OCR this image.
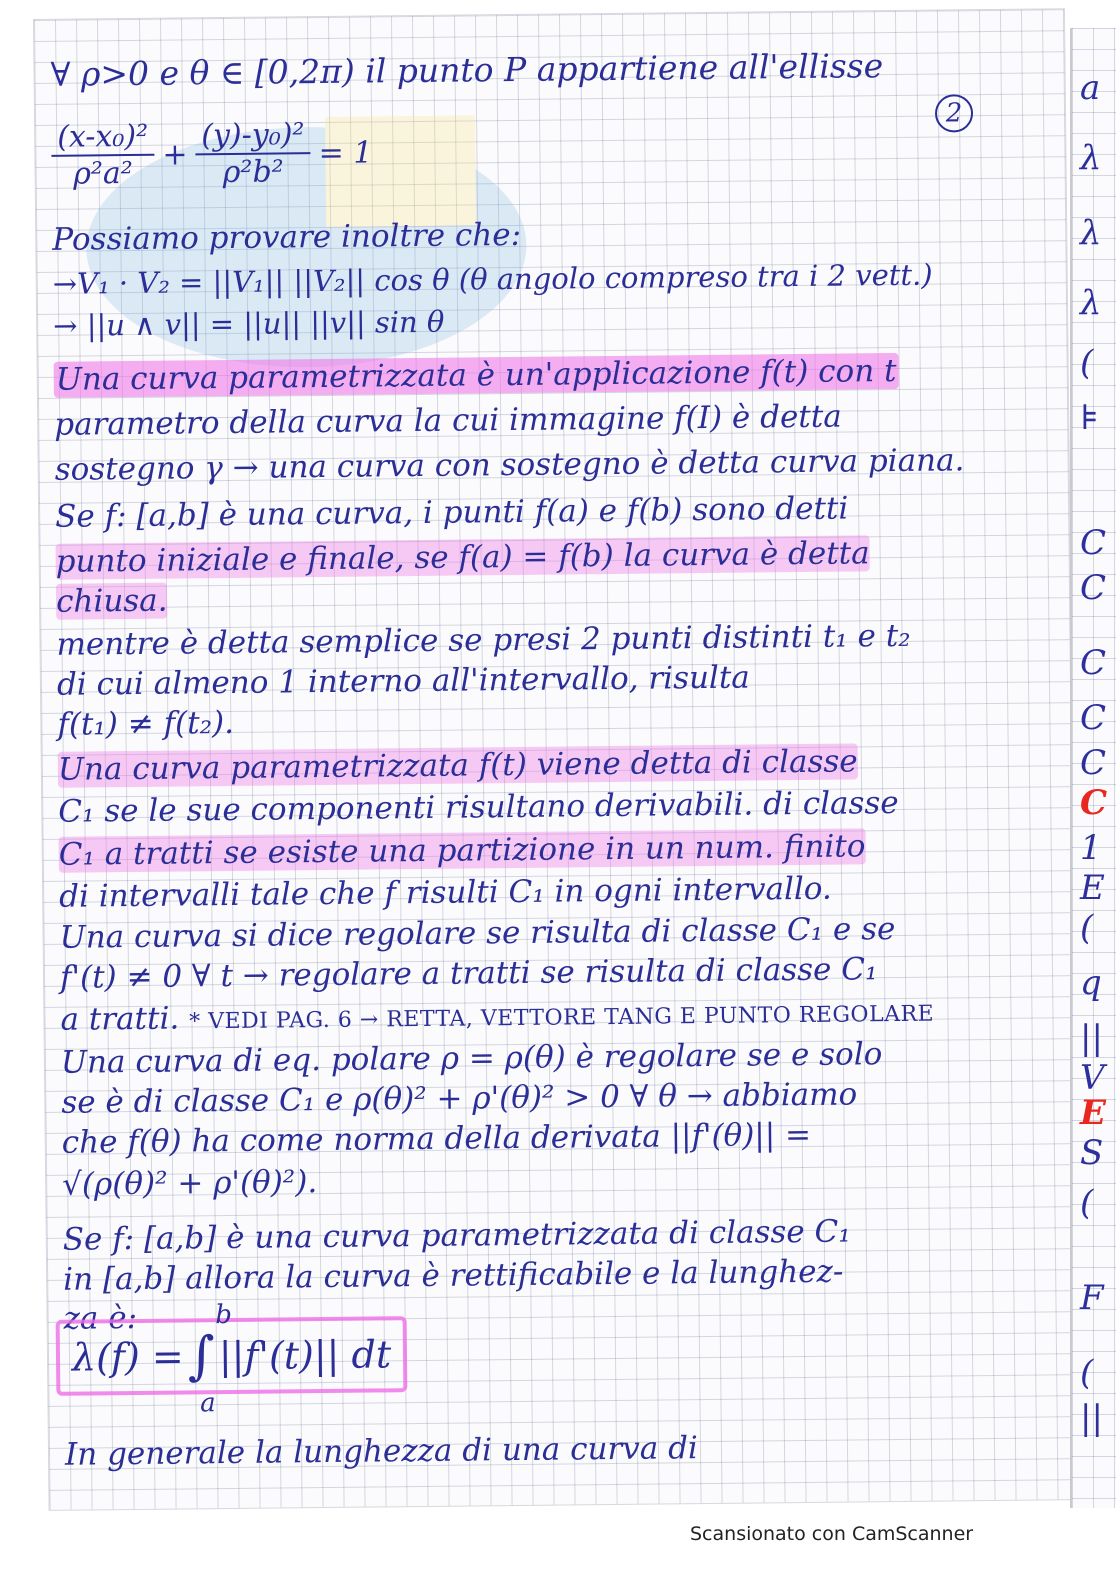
∀ ρ>0 e θ ∈ [0,2π) il punto P appartiene all'ellisse
2
$\frac{\text{(x-x₀)²}}{\text{ρ²a²}} + \frac{\text{(y)-y₀)²}}{\text{ρ²b²}} = 1$
Possiamo provare inoltre che:
→V₁ · V₂ = ||V₁|| ||V₂|| cos θ (θ angolo compreso tra i 2 vett.)
→ ||u ∧ v|| = ||u|| ||v|| sin θ
Una curva parametrizzata è un'applicazione f(t) con t
parametro della curva la cui immagine f(I) è detta
sostegno γ → una curva con sostegno è detta curva piana.
Se f: [a,b] è una curva, i punti f(a) e f(b) sono detti
punto iniziale e finale, se f(a) = f(b) la curva è detta
chiusa.
mentre è detta semplice se presi 2 punti distinti t₁ e t₂
di cui almeno 1 interno all'intervallo, risulta
f(t₁) ≠ f(t₂).
Una curva parametrizzata f(t) viene detta di classe
C₁ se le sue componenti risultano derivabili. di classe
C₁ a tratti se esiste una partizione in un num. finito
di intervalli tale che f risulti C₁ in ogni intervallo.
Una curva si dice regolare se risulta di classe C₁ e se
f'(t) ≠ 0 ∀ t → regolare a tratti se risulta di classe C₁
a tratti. * VEDI PAG. 6 → RETTA, VETTORE TANG E PUNTO REGOLARE
Una curva di eq. polare ρ = ρ(θ) è regolare se e solo
se è di classe C₁ e ρ(θ)² + ρ'(θ)² > 0 ∀ θ → abbiamo
che f(θ) ha come norma della derivata ||f'(θ)|| =
√(ρ(θ)² + ρ'(θ)²).
Se f: [a,b] è una curva parametrizzata di classe C₁
in [a,b] allora la curva è rettificabile e la lunghez-
za è:
λ(f) = ∫
b
a
||f'(t)|| dt
In generale la lunghezza di una curva di
a
λ
λ
λ
(
⊧
C
C
C
C
C
C
1
E
(
q
||
V
E
S
(
F
(
||
Scansionato con CamScanner
